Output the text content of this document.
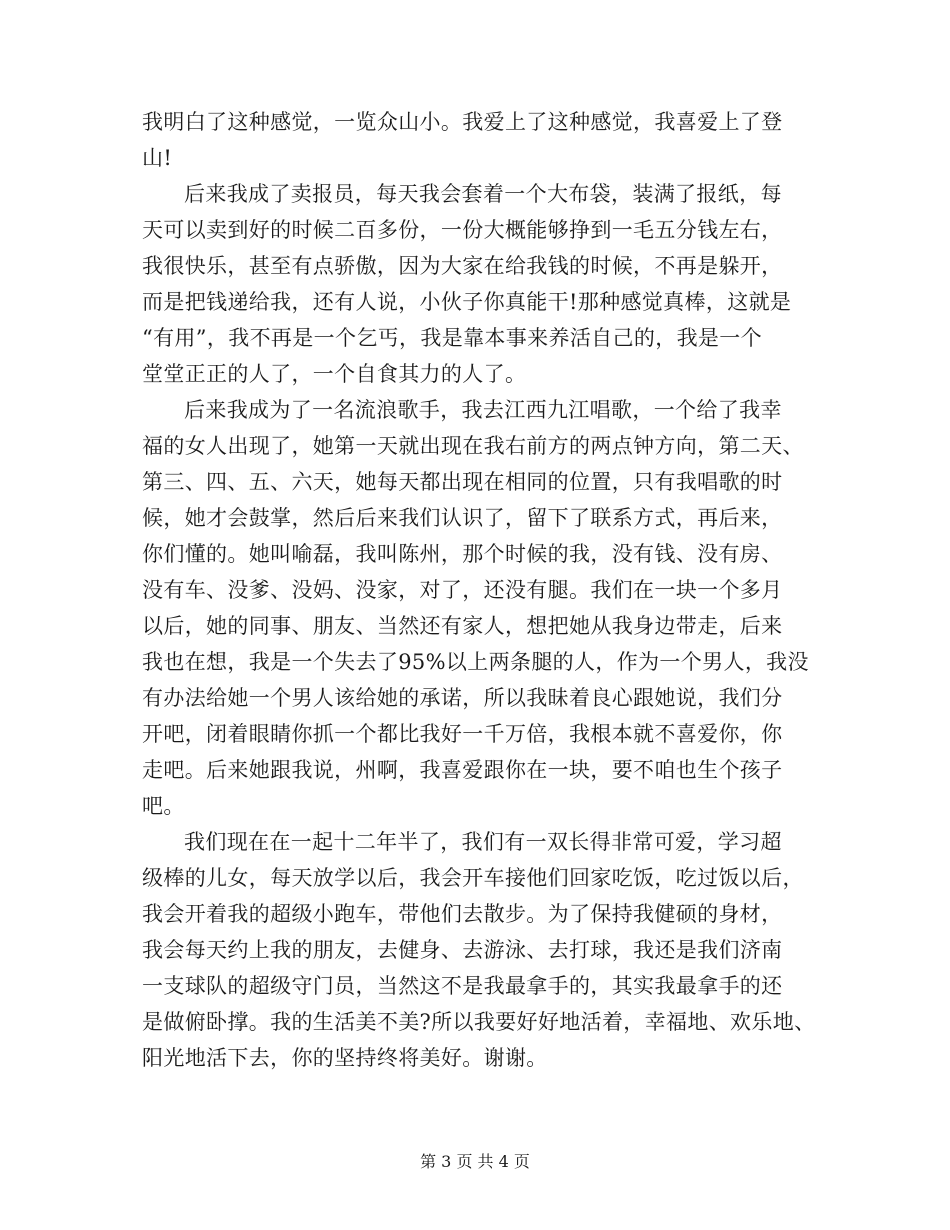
我明白了这种感觉，一览众山小。我爱上了这种感觉，我喜爱上了登
山!
后来我成了卖报员，每天我会套着一个大布袋，装满了报纸，每
天可以卖到好的时候二百多份，一份大概能够挣到一毛五分钱左右，
我很快乐，甚至有点骄傲，因为大家在给我钱的时候，不再是躲开，
而是把钱递给我，还有人说，小伙子你真能干!那种感觉真棒，这就是
“有用”，我不再是一个乞丐，我是靠本事来养活自己的，我是一个
堂堂正正的人了，一个自食其力的人了。
后来我成为了一名流浪歌手，我去江西九江唱歌，一个给了我幸
福的女人出现了，她第一天就出现在我右前方的两点钟方向，第二天、
第三、四、五、六天，她每天都出现在相同的位置，只有我唱歌的时
候，她才会鼓掌，然后后来我们认识了，留下了联系方式，再后来，
你们懂的。她叫喻磊，我叫陈州，那个时候的我，没有钱、没有房、
没有车、没爹、没妈、没家，对了，还没有腿。我们在一块一个多月
以后，她的同事、朋友、当然还有家人，想把她从我身边带走，后来
我也在想，我是一个失去了95%以上两条腿的人，作为一个男人，我没
有办法给她一个男人该给她的承诺，所以我昧着良心跟她说，我们分
开吧，闭着眼睛你抓一个都比我好一千万倍，我根本就不喜爱你，你
走吧。后来她跟我说，州啊，我喜爱跟你在一块，要不咱也生个孩子
吧。
我们现在在一起十二年半了，我们有一双长得非常可爱，学习超
级棒的儿女，每天放学以后，我会开车接他们回家吃饭，吃过饭以后，
我会开着我的超级小跑车，带他们去散步。为了保持我健硕的身材，
我会每天约上我的朋友，去健身、去游泳、去打球，我还是我们济南
一支球队的超级守门员，当然这不是我最拿手的，其实我最拿手的还
是做俯卧撑。我的生活美不美?所以我要好好地活着，幸福地、欢乐地、
阳光地活下去，你的坚持终将美好。谢谢。
第 3 页 共 4 页
